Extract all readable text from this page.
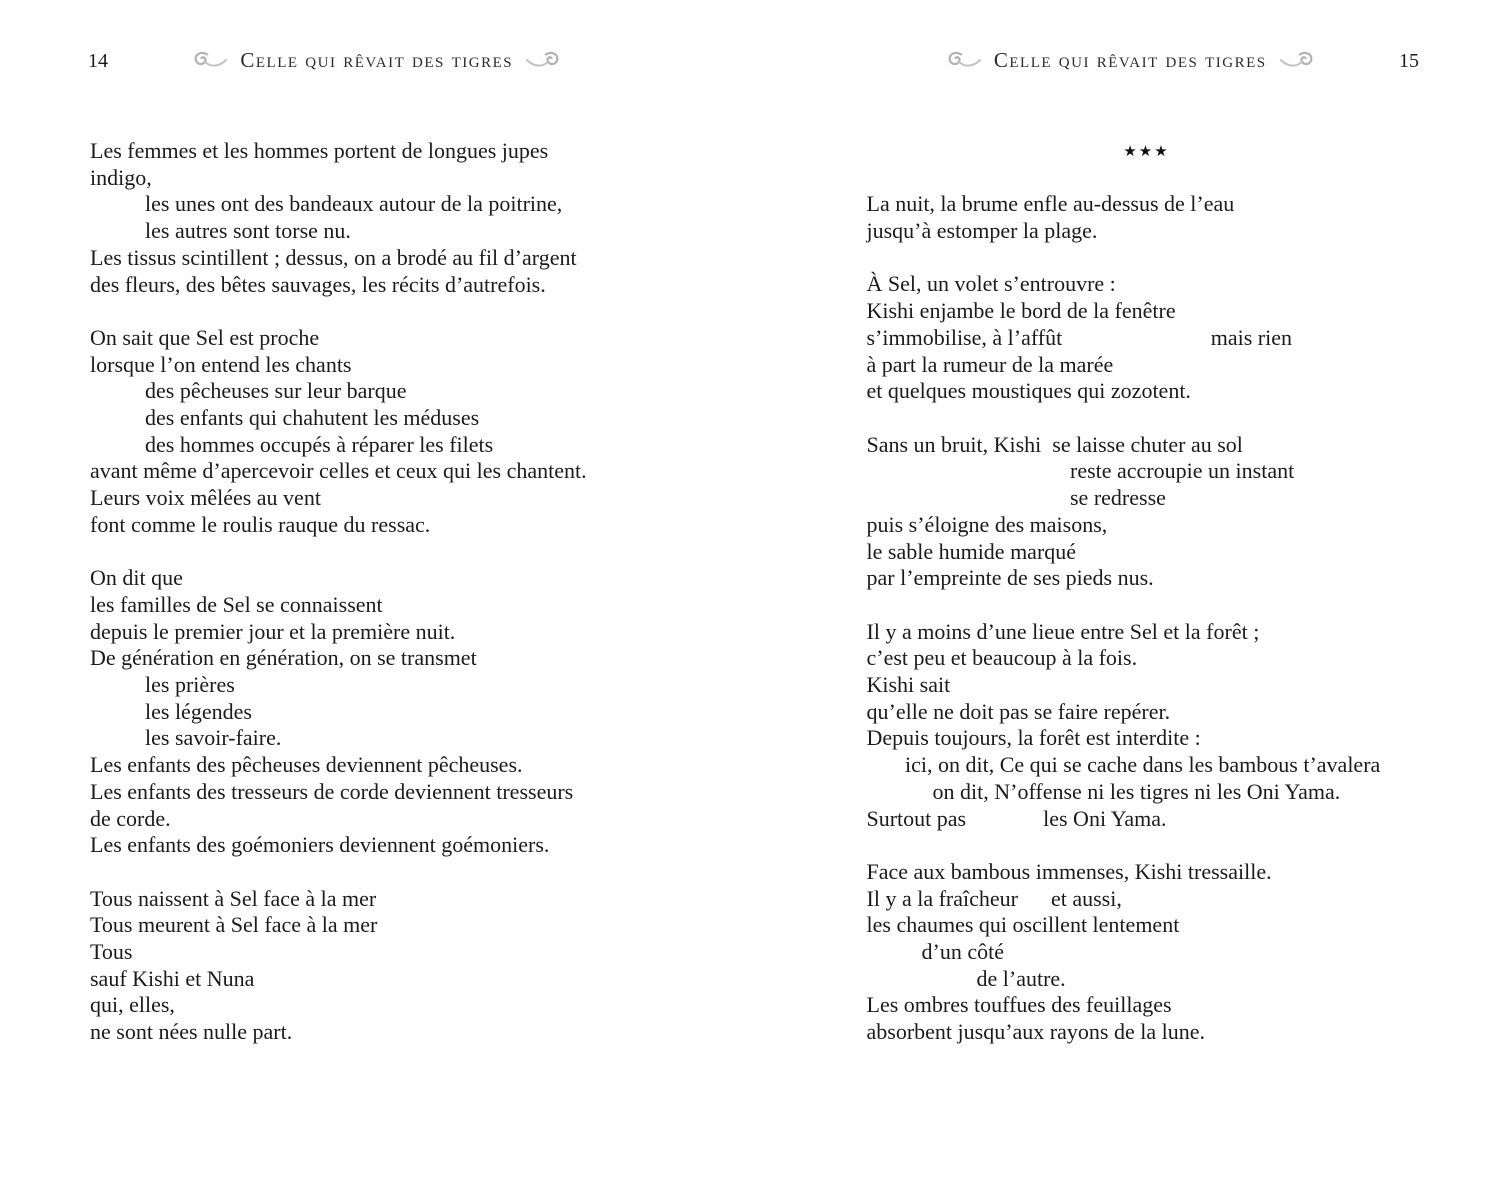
14	Celle qui rêvait des tigres
Les femmes et les hommes portent de longues jupes
indigo,
les unes ont des bandeaux autour de la poitrine,
les autres sont torse nu.
Les tissus scintillent ; dessus, on a brodé au fil d’argent
des fleurs, des bêtes sauvages, les récits d’autrefois.
On sait que Sel est proche
lorsque l’on entend les chants
des pêcheuses sur leur barque
des enfants qui chahutent les méduses
des hommes occupés à réparer les filets
avant même d’apercevoir celles et ceux qui les chantent.
Leurs voix mêlées au vent
font comme le roulis rauque du ressac.
On dit que
les familles de Sel se connaissent
depuis le premier jour et la première nuit.
De génération en génération, on se transmet
les prières
les légendes
les savoir-faire.
Les enfants des pêcheuses deviennent pêcheuses.
Les enfants des tresseurs de corde deviennent tresseurs
de corde.
Les enfants des goémoniers deviennent goémoniers.
Tous naissent à Sel face à la mer
Tous meurent à Sel face à la mer
Tous
sauf Kishi et Nuna
qui, elles,
ne sont nées nulle part.
15
Celle qui rêvait des tigres
★★★
La nuit, la brume enfle au-dessus de l’eau
jusqu’à estomper la plage.
À Sel, un volet s’entrouvre :
Kishi enjambe le bord de la fenêtre
s’immobilise, à l’affût                           mais rien
à part la rumeur de la marée
et quelques moustiques qui zozotent.
Sans un bruit, Kishi  se laisse chuter au sol
reste accroupie un instant
se redresse
puis s’éloigne des maisons,
le sable humide marqué
par l’empreinte de ses pieds nus.
Il y a moins d’une lieue entre Sel et la forêt ;
c’est peu et beaucoup à la fois.
Kishi sait
qu’elle ne doit pas se faire repérer.
Depuis toujours, la forêt est interdite :
ici, on dit, Ce qui se cache dans les bambous t’avalera
on dit, N’offense ni les tigres ni les Oni Yama.
Surtout pas              les Oni Yama.
Face aux bambous immenses, Kishi tressaille.
Il y a la fraîcheur      et aussi,
les chaumes qui oscillent lentement
d’un côté
de l’autre.
Les ombres touffues des feuillages
absorbent jusqu’aux rayons de la lune.
